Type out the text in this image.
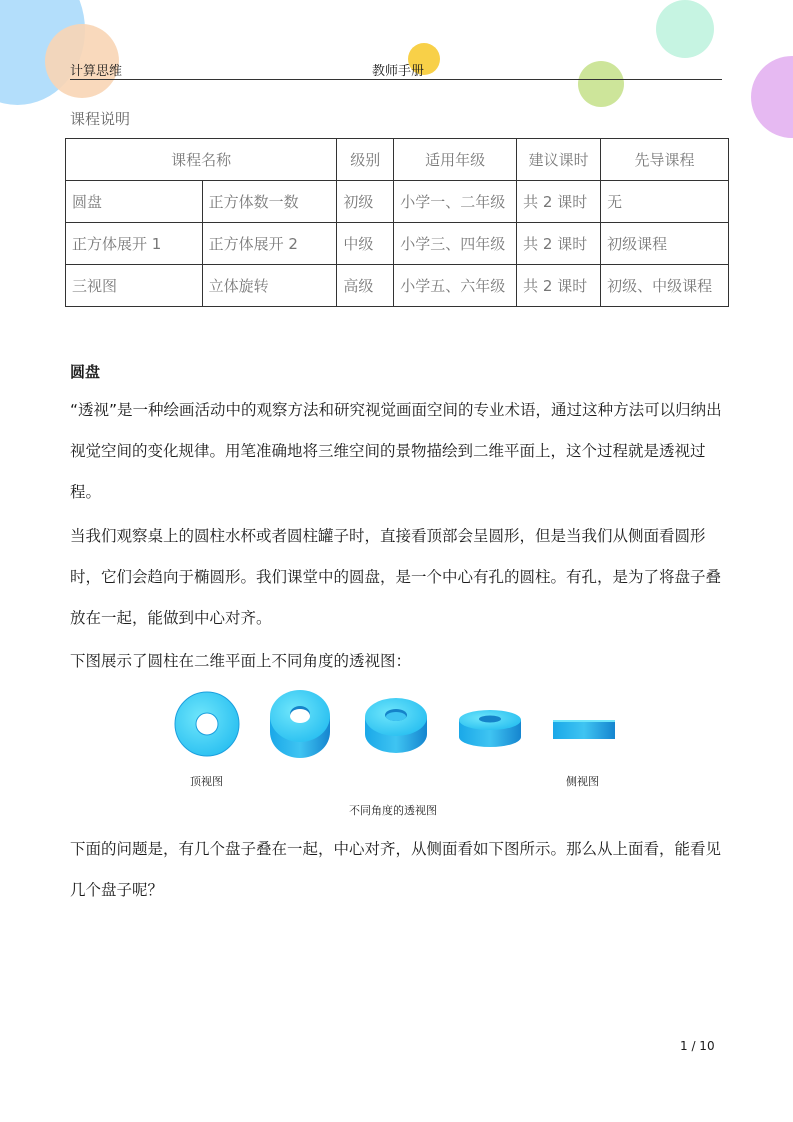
计算思维	教师手册
课程说明
课程名称		级别	适用年级	建议课时	先导课程
圆盘	正方体数一数	初级	小学一、二年级	共 2 课时	无
正方体展开 1	正方体展开 2	中级	小学三、四年级	共 2 课时	初级课程
三视图	立体旋转	高级	小学五、六年级	共 2 课时	初级、中级课程
圆盘
“透视”是一种绘画活动中的观察方法和研究视觉画面空间的专业术语，通过这种方法可以归纳出视觉空间的变化规律。用笔准确地将三维空间的景物描绘到二维平面上，这个过程就是透视过程。
当我们观察桌上的圆柱水杯或者圆柱罐子时，直接看顶部会呈圆形，但是当我们从侧面看圆形时，它们会趋向于椭圆形。我们课堂中的圆盘，是一个中心有孔的圆柱。有孔，是为了将盘子叠放在一起，能做到中心对齐。
下图展示了圆柱在二维平面上不同角度的透视图：
顶视图	侧视图
不同角度的透视图
下面的问题是，有几个盘子叠在一起，中心对齐，从侧面看如下图所示。那么从上面看，能看见几个盘子呢？
1 / 10
